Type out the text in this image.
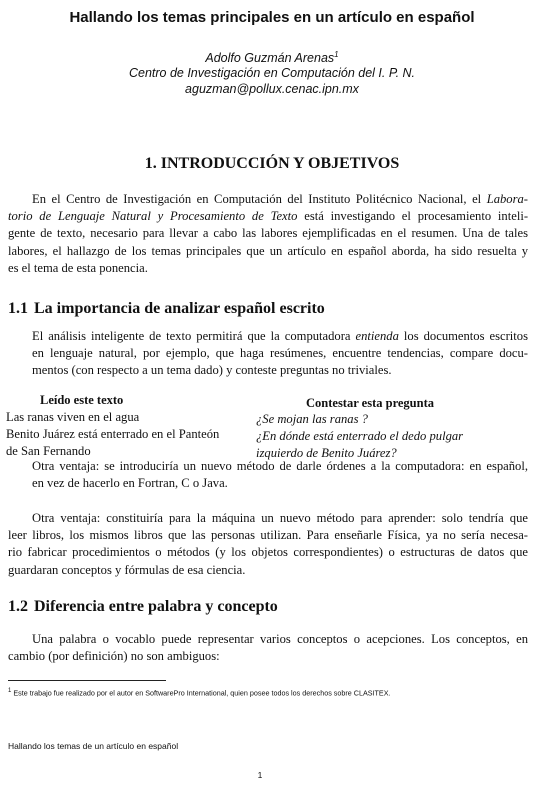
Hallando los temas principales en un artículo en español
Adolfo Guzmán Arenas$^1$
Centro de Investigación en Computación del I. P. N.
aguzman@pollux.cenac.ipn.mx
1. INTRODUCCIÓN Y OBJETIVOS
En el Centro de Investigación en Computación del Instituto Politécnico Nacional, el Labora-
torio de Lenguaje Natural y Procesamiento de Texto está investigando el procesamiento inteli-
gente de texto, necesario para llevar a cabo las labores ejemplificadas en el resumen. Una de tales
labores, el hallazgo de los temas principales que un artículo en español aborda, ha sido resuelta y
es el tema de esta ponencia.
1.1 La importancia de analizar español escrito
El análisis inteligente de texto permitirá que la computadora entienda los documentos escritos
en lenguaje natural, por ejemplo, que haga resúmenes, encuentre tendencias, compare docu-
mentos (con respecto a un tema dado) y conteste preguntas no triviales.
Leído este texto	Contestar esta pregunta
Las ranas viven en el agua
Benito Juárez está enterrado en el Panteón
de San Fernando
¿Se mojan las ranas ?
¿En dónde está enterrado el dedo pulgar
izquierdo de Benito Juárez?
Otra ventaja: se introduciría un nuevo método de darle órdenes a la computadora: en español,
en vez de hacerlo en Fortran, C o Java.
Otra ventaja: constituiría para la máquina un nuevo método para aprender: solo tendría que
leer libros, los mismos libros que las personas utilizan. Para enseñarle Física, ya no sería necesa-
rio fabricar procedimientos o métodos (y los objetos correspondientes) o estructuras de datos que
guardaran conceptos y fórmulas de esa ciencia.
1.2 Diferencia entre palabra y concepto
Una palabra o vocablo puede representar varios conceptos o acepciones. Los conceptos, en
cambio (por definición) no son ambiguos:
$^1$ Este trabajo fue realizado por el autor en SoftwarePro International, quien posee todos los derechos sobre CLASITEX.
Hallando los temas de un artículo en español
1
